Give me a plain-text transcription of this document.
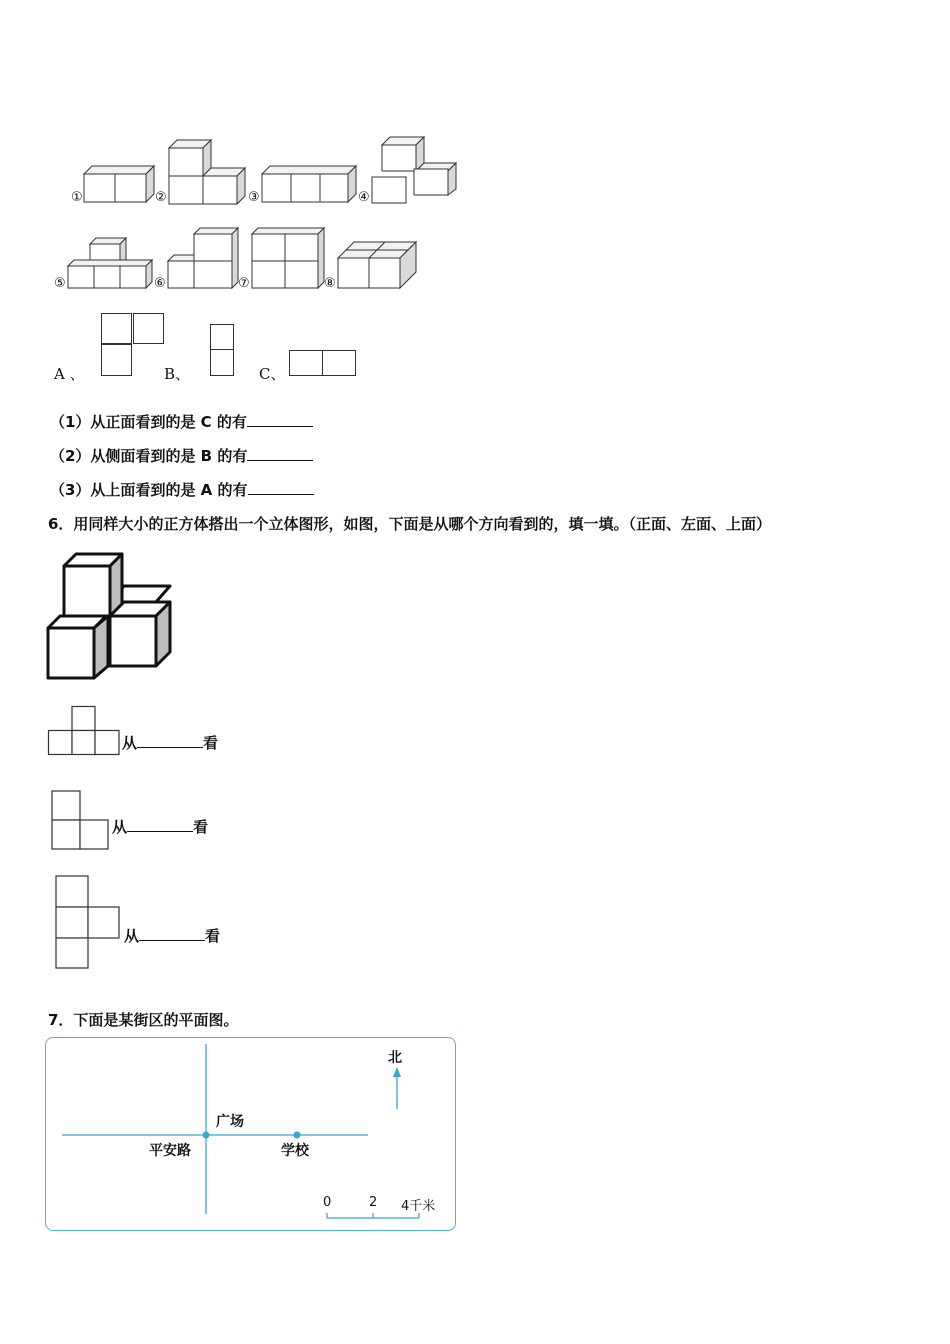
①	②	③	④
⑤	⑥	⑦	⑧
A 、	B、	C、
（1）从正面看到的是 C 的有
（2）从侧面看到的是 B 的有
（3）从上面看到的是 A 的有
6．用同样大小的正方体搭出一个立体图形，如图，下面是从哪个方向看到的，填一填。（正面、左面、上面）
从	看
从	看
从	看
7．下面是某街区的平面图。
北
广场
平安路	学校
0	2 4千米
